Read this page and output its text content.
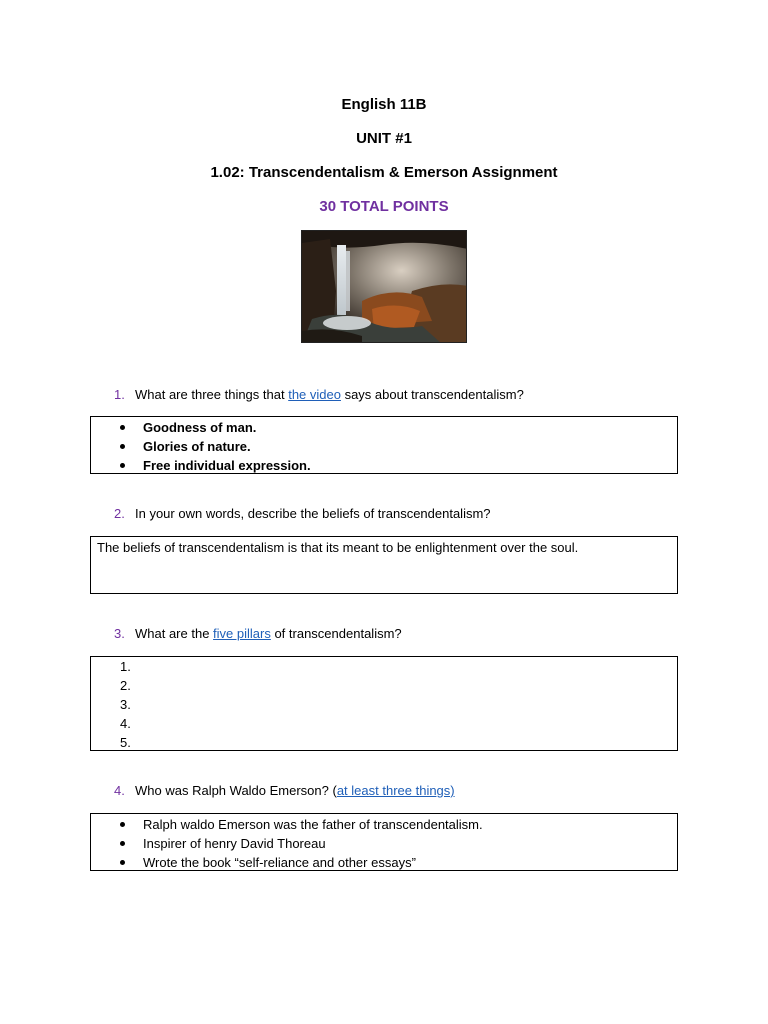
English 11B
UNIT #1
1.02: Transcendentalism & Emerson Assignment
30 TOTAL POINTS
1. What are three things that the video says about transcendentalism?
Goodness of man.
Glories of nature.
Free individual expression.
2. In your own words, describe the beliefs of transcendentalism?
The beliefs of transcendentalism is that its meant to be enlightenment over the soul.
3. What are the five pillars of transcendentalism?
1.
2.
3.
4.
5.
4. Who was Ralph Waldo Emerson? (at least three things)
Ralph waldo Emerson was the father of transcendentalism.
Inspirer of henry David Thoreau
Wrote the book “self-reliance and other essays”
